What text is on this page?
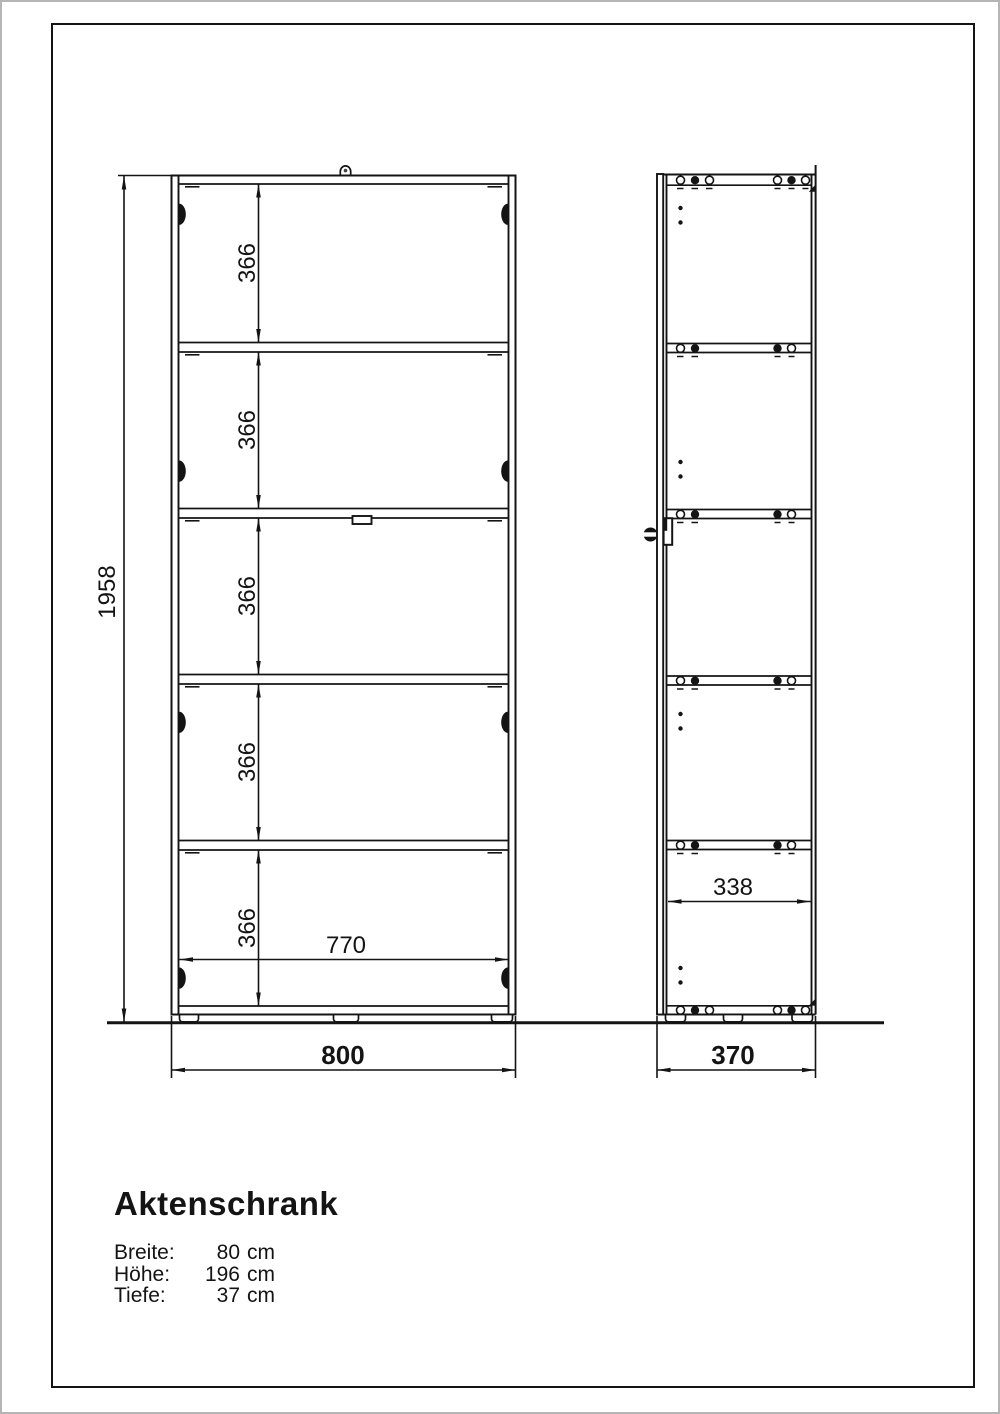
1958
366
366
366
366
366	770
800
338
370
Aktenschrank
Breite:	80 cm
Höhe:	196 cm
Tiefe:	37 cm
